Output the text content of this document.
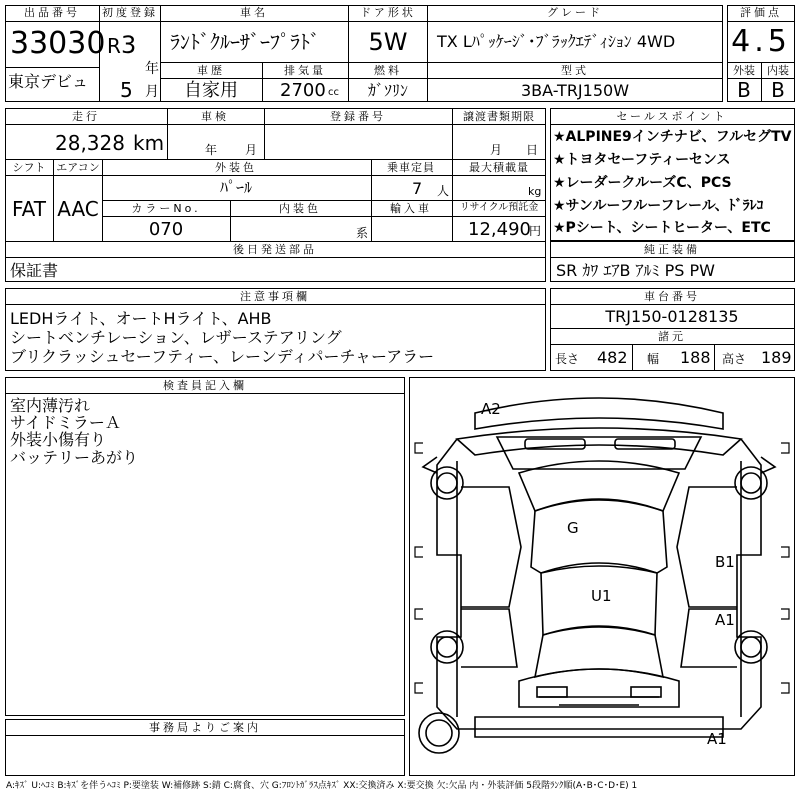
出品番号
33030
東京デビュ
初度登録
R 3
年
5 月
車名
ﾗﾝﾄﾞｸﾙｰｻﾞｰﾌﾟﾗﾄﾞ
ドア形状
5W
グレード
TX Lﾊﾟｯｹｰｼﾞ･ﾌﾞﾗｯｸｴﾃﾞｨｼｮﾝ 4WD
車歴
自家用
排気量
2700 cc
燃料
ｶﾞｿﾘﾝ
型式
3BA-TRJ150W
評価点
4.5
外装 内装
B B
走行
28,328 km
車検
年 月
登録番号	譲渡書類期限
月 日
シフト
FAT
エアコン
AAC
外装色
ﾊﾟｰﾙ
乗車定員
7 人
最大積載量
kg
カラーNo.
070
内装色
系
輸入車	リサイクル預託金
12,490
円
後日発送部品
保証書
セールスポイント
★ALPINE9インチナビ、フルセグTV
★トヨタセーフティーセンス
★レーダークルーズC、PCS
★サンルーフルーフレール、ﾄﾞﾗﾚｺ
★Pシート、シートヒーター、ETC
純正装備
SR ｶﾜ ｴｱB ｱﾙﾐ PS PW
注意事項欄
LEDHライト、オートHライト、AHB
シートベンチレーション、レザーステアリング
ブリクラッシュセーフティー、レーンディパーチャーアラー
車台番号
TRJ150-0128135
諸元
長さ 482 幅 188 高さ 189
検査員記入欄
室内薄汚れ
サイドミラーＡ
外装小傷有り
バッテリーあがり
事務局よりご案内
A2
G
U1
B1
A1
A1
A:ｷｽﾞ U:ﾍｺﾐ B:ｷｽﾞを伴うﾍｺﾐ P:要塗装 W:補修跡 S:錆 C:腐食、穴 G:ﾌﾛﾝﾄｶﾞﾗｽ点ｷｽﾞ XX:交換済み X:要交換 欠:欠品 内・外装評価 5段階ﾗﾝｸ順(A･B･C･D･E) 1
